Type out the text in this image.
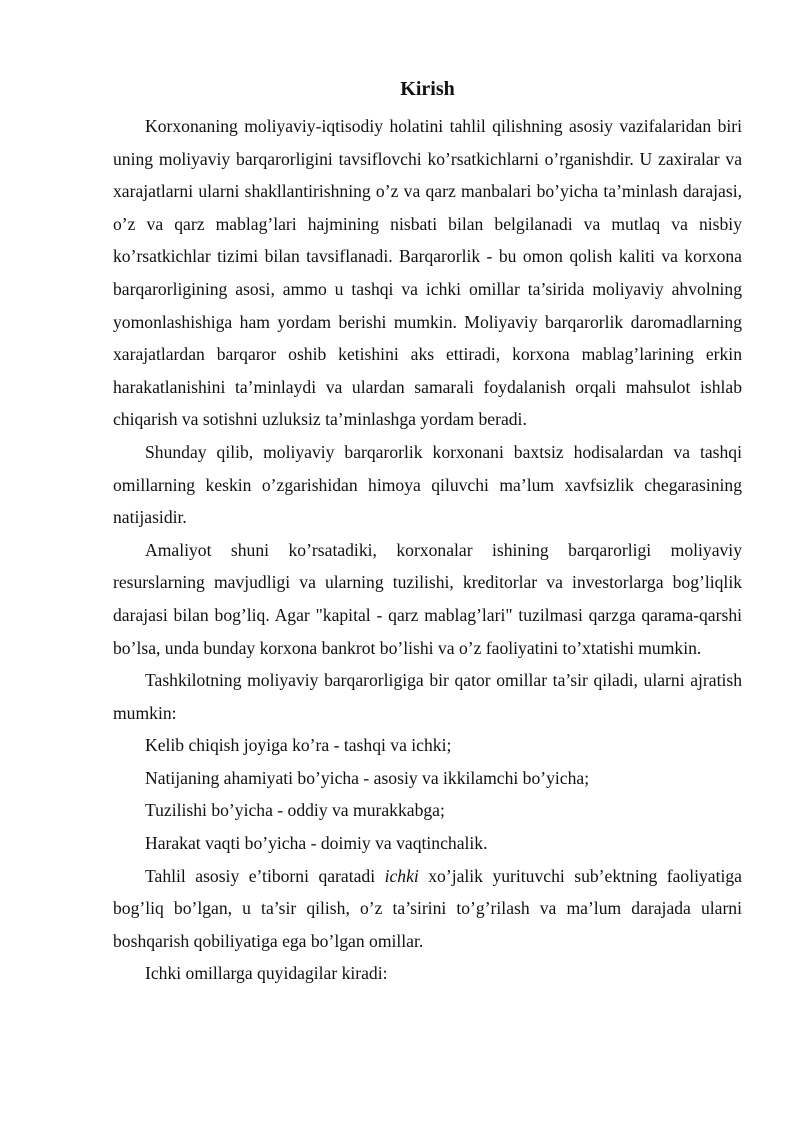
Kirish

Korxonaning moliyaviy-iqtisodiy holatini tahlil qilishning asosiy vazifalaridan biri uning moliyaviy barqarorligini tavsiflovchi ko’rsatkichlarni o’rganishdir. U zaxiralar va xarajatlarni ularni shakllantirishning o’z va qarz manbalari bo’yicha ta’minlash darajasi, o’z va qarz mablag’lari hajmining nisbati bilan belgilanadi va mutlaq va nisbiy ko’rsatkichlar tizimi bilan tavsiflanadi. Barqarorlik - bu omon qolish kaliti va korxona barqarorligining asosi, ammo u tashqi va ichki omillar ta’sirida moliyaviy ahvolning yomonlashishiga ham yordam berishi mumkin. Moliyaviy barqarorlik daromadlarning xarajatlardan barqaror oshib ketishini aks ettiradi, korxona mablag’larining erkin harakatlanishini ta’minlaydi va ulardan samarali foydalanish orqali mahsulot ishlab chiqarish va sotishni uzluksiz ta’minlashga yordam beradi.

Shunday qilib, moliyaviy barqarorlik korxonani baxtsiz hodisalardan va tashqi omillarning keskin o’zgarishidan himoya qiluvchi ma’lum xavfsizlik chegarasining natijasidir.

Amaliyot shuni ko’rsatadiki, korxonalar ishining barqarorligi moliyaviy resurslarning mavjudligi va ularning tuzilishi, kreditorlar va investorlarga bog’liqlik darajasi bilan bog’liq. Agar "kapital - qarz mablag’lari" tuzilmasi qarzga qarama-qarshi bo’lsa, unda bunday korxona bankrot bo’lishi va o’z faoliyatini to’xtatishi mumkin.

Tashkilotning moliyaviy barqarorligiga bir qator omillar ta’sir qiladi, ularni ajratish mumkin:

Kelib chiqish joyiga ko’ra - tashqi va ichki;

Natijaning ahamiyati bo’yicha - asosiy va ikkilamchi bo’yicha;

Tuzilishi bo’yicha - oddiy va murakkabga;

Harakat vaqti bo’yicha - doimiy va vaqtinchalik.

Tahlil asosiy e’tiborni qaratadi ichki xo’jalik yurituvchi sub’ektning faoliyatiga bog’liq bo’lgan, u ta’sir qilish, o’z ta’sirini to’g’rilash va ma’lum darajada ularni boshqarish qobiliyatiga ega bo’lgan omillar.

Ichki omillarga quyidagilar kiradi:
